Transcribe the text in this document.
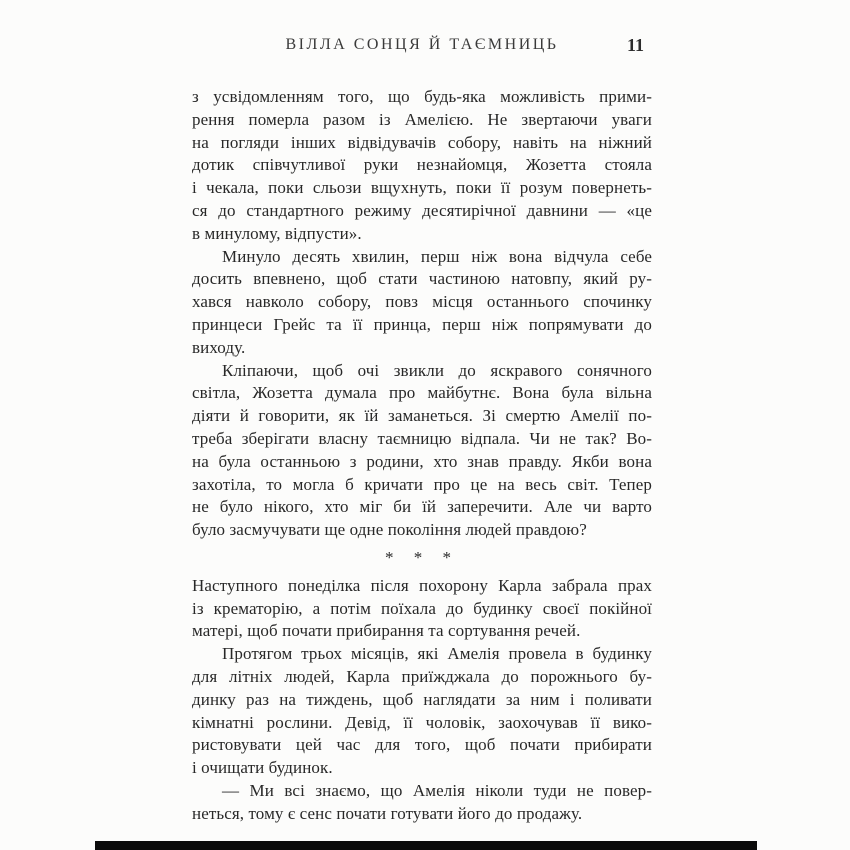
ВІЛЛА СОНЦЯ Й ТАЄМНИЦЬ	11
з усвідомленням того, що будь-яка можливість прими-
рення померла разом із Амелією. Не звертаючи уваги
на погляди інших відвідувачів собору, навіть на ніжний
дотик співчутливої руки незнайомця, Жозетта стояла
і чекала, поки сльози вщухнуть, поки її розум повернеть-
ся до стандартного режиму десятирічної давнини — «це
в минулому, відпусти».
Минуло десять хвилин, перш ніж вона відчула себе
досить впевнено, щоб стати частиною натовпу, який ру-
хався навколо собору, повз місця останнього спочинку
принцеси Грейс та її принца, перш ніж попрямувати до
виходу.
Кліпаючи, щоб очі звикли до яскравого сонячного
світла, Жозетта думала про майбутнє. Вона була вільна
діяти й говорити, як їй заманеться. Зі смертю Амелії по-
треба зберігати власну таємницю відпала. Чи не так? Во-
на була останньою з родини, хто знав правду. Якби вона
захотіла, то могла б кричати про це на весь світ. Тепер
не було нікого, хто міг би їй заперечити. Але чи варто
було засмучувати ще одне покоління людей правдою?
* * *
Наступного понеділка після похорону Карла забрала прах
із крематорію, а потім поїхала до будинку своєї покійної
матері, щоб почати прибирання та сортування речей.
Протягом трьох місяців, які Амелія провела в будинку
для літніх людей, Карла приїжджала до порожнього бу-
динку раз на тиждень, щоб наглядати за ним і поливати
кімнатні рослини. Девід, її чоловік, заохочував її вико-
ристовувати цей час для того, щоб почати прибирати
і очищати будинок.
— Ми всі знаємо, що Амелія ніколи туди не повер-
неться, тому є сенс почати готувати його до продажу.
